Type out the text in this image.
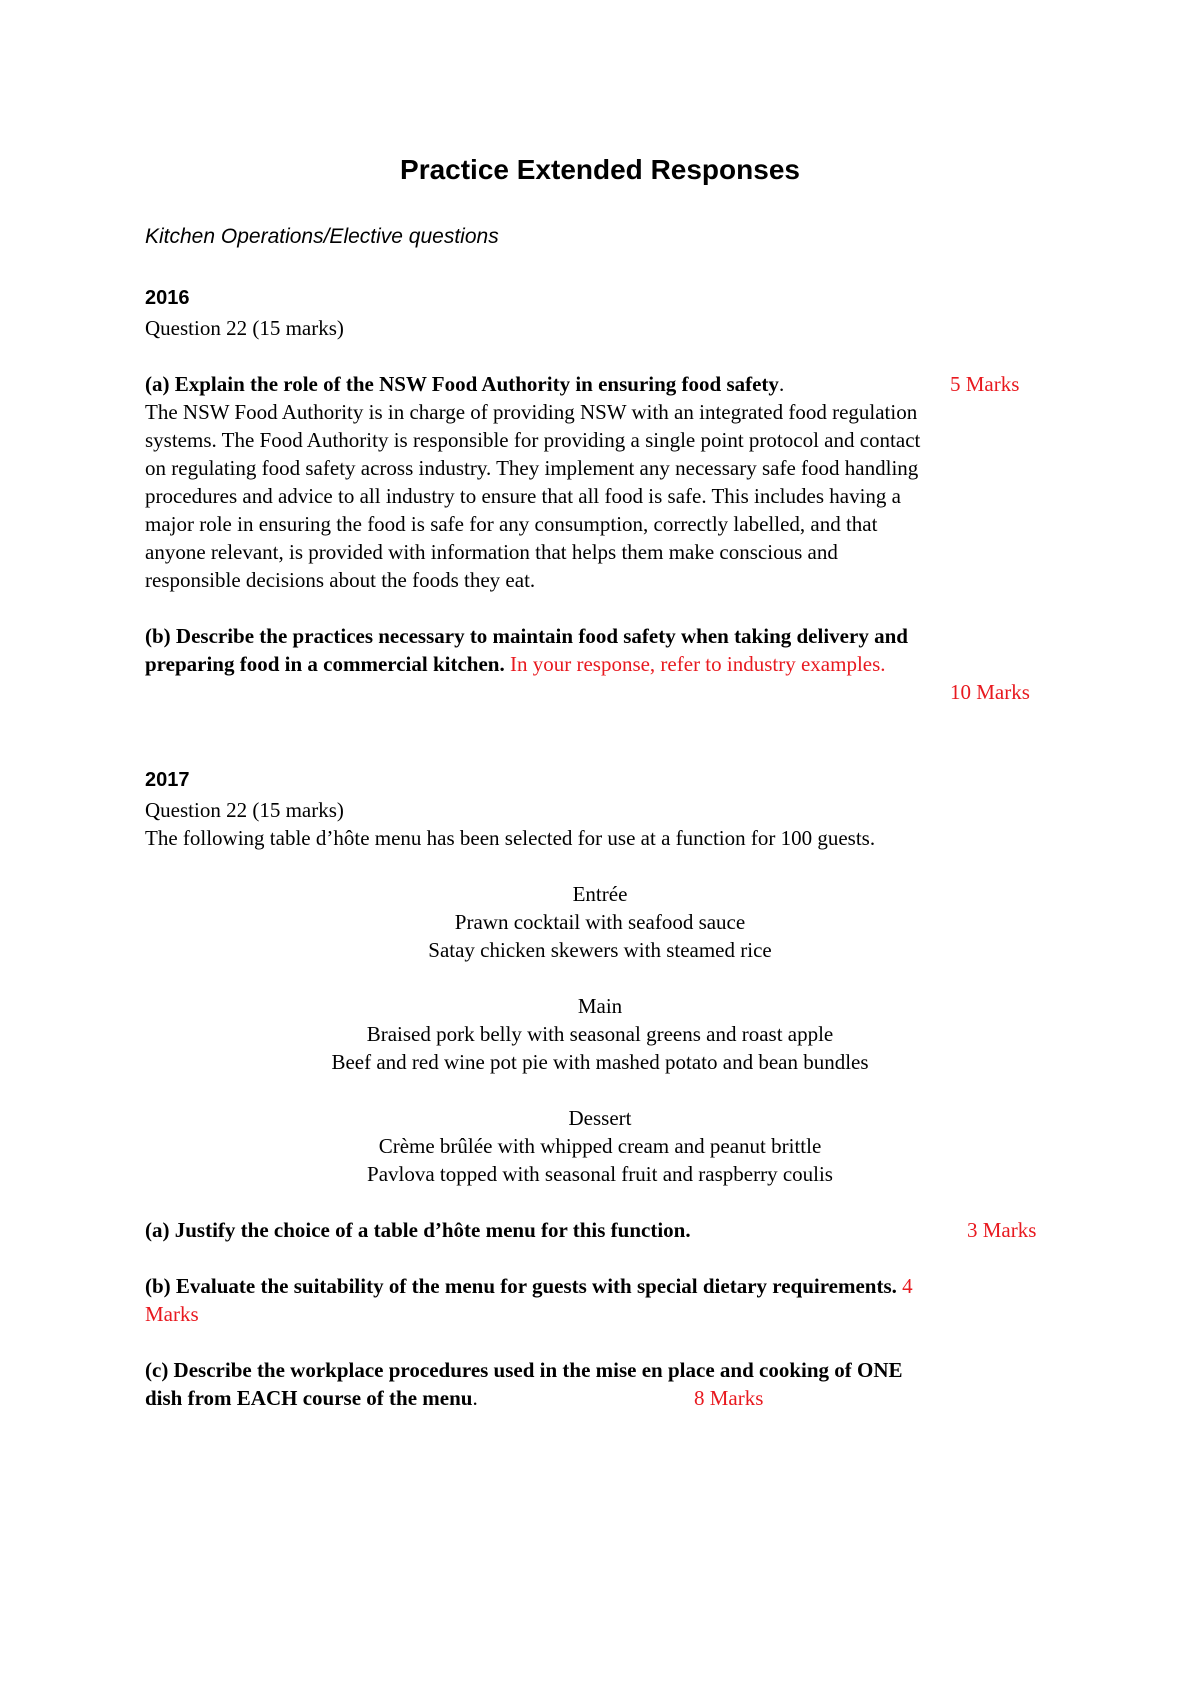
Practice Extended Responses
Kitchen Operations/Elective questions
2016
Question 22 (15 marks)
(a) Explain the role of the NSW Food Authority in ensuring food safety.	5 Marks
The NSW Food Authority is in charge of providing NSW with an integrated food regulation
systems. The Food Authority is responsible for providing a single point protocol and contact
on regulating food safety across industry. They implement any necessary safe food handling
procedures and advice to all industry to ensure that all food is safe. This includes having a
major role in ensuring the food is safe for any consumption, correctly labelled, and that
anyone relevant, is provided with information that helps them make conscious and
responsible decisions about the foods they eat.
(b) Describe the practices necessary to maintain food safety when taking delivery and
preparing food in a commercial kitchen. In your response, refer to industry examples.
10 Marks
2017
Question 22 (15 marks)
The following table d’hôte menu has been selected for use at a function for 100 guests.
Entrée
Prawn cocktail with seafood sauce
Satay chicken skewers with steamed rice
Main
Braised pork belly with seasonal greens and roast apple
Beef and red wine pot pie with mashed potato and bean bundles
Dessert
Crème brûlée with whipped cream and peanut brittle
Pavlova topped with seasonal fruit and raspberry coulis
(a) Justify the choice of a table d’hôte menu for this function.	3 Marks
(b) Evaluate the suitability of the menu for guests with special dietary requirements. 4
Marks
(c) Describe the workplace procedures used in the mise en place and cooking of ONE
dish from EACH course of the menu.	8 Marks
